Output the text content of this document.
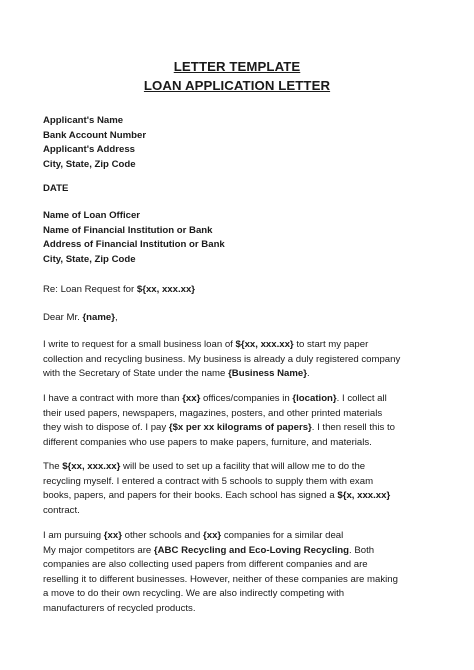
LETTER TEMPLATE
LOAN APPLICATION LETTER
Applicant's Name
Bank Account Number
Applicant's Address
City, State, Zip Code
DATE
Name of Loan Officer
Name of Financial Institution or Bank
Address of Financial Institution or Bank
City, State, Zip Code
Re: Loan Request for ${xx, xxx.xx}
Dear Mr. {name},
I write to request for a small business loan of ${xx, xxx.xx} to start my paper
collection and recycling business. My business is already a duly registered company
with the Secretary of State under the name {Business Name}.
I have a contract with more than {xx} offices/companies in {location}. I collect all
their used papers, newspapers, magazines, posters, and other printed materials
they wish to dispose of. I pay {$x per xx kilograms of papers}. I then resell this to
different companies who use papers to make papers, furniture, and materials.
The ${xx, xxx.xx} will be used to set up a facility that will allow me to do the
recycling myself. I entered a contract with 5 schools to supply them with exam
books, papers, and papers for their books. Each school has signed a ${x, xxx.xx}
contract.
I am pursuing {xx} other schools and {xx} companies for a similar deal
My major competitors are {ABC Recycling and Eco-Loving Recycling. Both
companies are also collecting used papers from different companies and are
reselling it to different businesses. However, neither of these companies are making
a move to do their own recycling. We are also indirectly competing with
manufacturers of recycled products.
